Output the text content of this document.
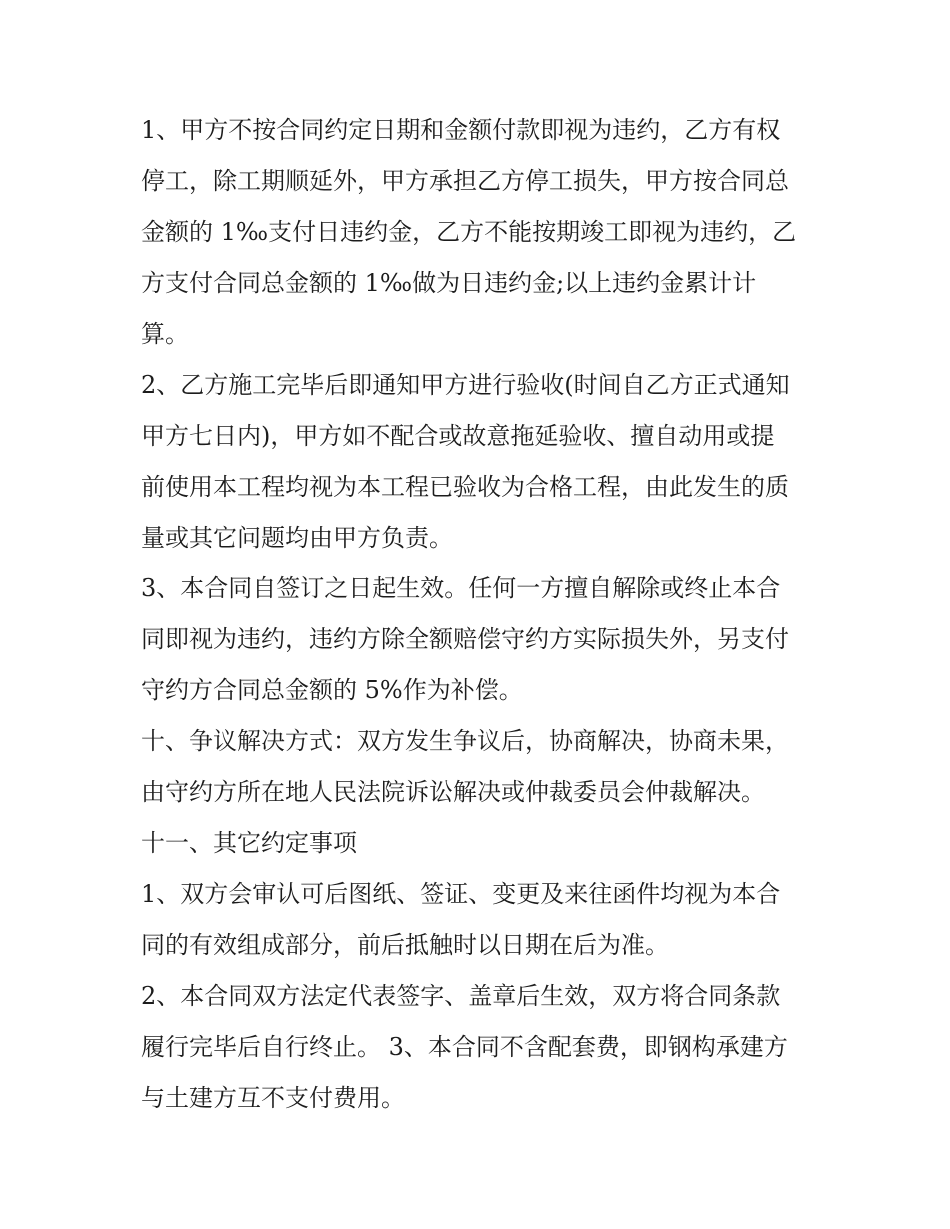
1、甲方不按合同约定日期和金额付款即视为违约，乙方有权

停工，除工期顺延外，甲方承担乙方停工损失，甲方按合同总

金额的 1‰支付日违约金，乙方不能按期竣工即视为违约，乙

方支付合同总金额的 1‰做为日违约金;以上违约金累计计

算。

2、乙方施工完毕后即通知甲方进行验收(时间自乙方正式通知

甲方七日内)，甲方如不配合或故意拖延验收、擅自动用或提

前使用本工程均视为本工程已验收为合格工程，由此发生的质

量或其它问题均由甲方负责。

3、本合同自签订之日起生效。任何一方擅自解除或终止本合

同即视为违约，违约方除全额赔偿守约方实际损失外，另支付

守约方合同总金额的 5%作为补偿。

十、争议解决方式：双方发生争议后，协商解决，协商未果，

由守约方所在地人民法院诉讼解决或仲裁委员会仲裁解决。

十一、其它约定事项

1、双方会审认可后图纸、签证、变更及来往函件均视为本合

同的有效组成部分，前后抵触时以日期在后为准。

2、本合同双方法定代表签字、盖章后生效，双方将合同条款

履行完毕后自行终止。 3、本合同不含配套费，即钢构承建方

与土建方互不支付费用。
